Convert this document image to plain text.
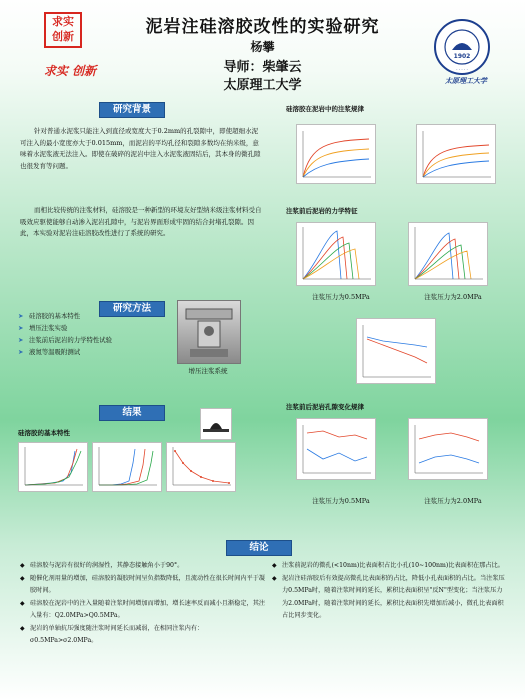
求实
创新
求实 创新
1902
· · · · ·
太原理工大学
泥岩注硅溶胶改性的实验研究
杨攀
导师：柴肇云
太原理工大学
研究背景
针对普通水泥浆只能注入到直径或宽度大于0.2mm的孔裂隙中，即使超细水泥可注入的最小宽度亦大于0.015mm，而泥岩的平均孔径和裂隙多数均在纳米级，意味着水泥浆液无法注入。即使在破碎的泥岩中注入水泥浆液固结后，其本身的微孔隙也很发育等问题。
而相比较传统的注浆材料，硅溶胶是一种新型的环境友好型纳米级注浆材料受自吸效应驱使能够自动渗入泥岩孔隙中，与泥岩界面形成牢固的结合封堵孔裂隙。因此，本实验对泥岩注硅溶胶改性进行了系统的研究。
研究方法
➤ 硅溶胶的基本特性
➤ 增压注浆实验
➤ 注浆前后泥岩的力学特性试验
➤ 液氮等温吸附测试
增压注浆系统
结果
硅溶胶的基本特性
硅溶胶在泥岩中的注浆规律
注浆前后泥岩的力学特征
注浆压力为0.5MPa	注浆压力为2.0MPa
注浆前后泥岩孔隙变化规律
注浆压力为0.5MPa	注浆压力为2.0MPa
结论
◆ 硅溶胶与泥岩有很好的润湿性，其静态接触角小于90°。
◆ 随催化剂用量的增加，硅溶胶的凝胶时间呈负指数降低，且流动性在很长时间内平于凝胶时间。
◆ 硅溶胶在泥岩中的注入量随着注浆时间增加而增加，增长速率反而减小且渐稳定，其注入量有：Q2.0MPa>Q0.5MPa。
◆ 泥岩的单轴抗压强度随注浆时间延长而减弱，在相同注浆内有：σ0.5MPa>σ2.0MPa。
◆ 注浆前泥岩的微孔(<10nm)比表面积占比小孔(10~100nm)比表面积在那占比。
◆ 泥岩注硅溶胶后有效提高微孔比表面积的占比，降低小孔表面积的占比。当注浆压力0.5MPa时，随着注浆时间的延长，累积比表面积呈"反N"型变化；当注浆压力为2.0MPa时，随着注浆时间的延长，累积比表面积先增加后减小，微孔比表面积占比同步变化。
